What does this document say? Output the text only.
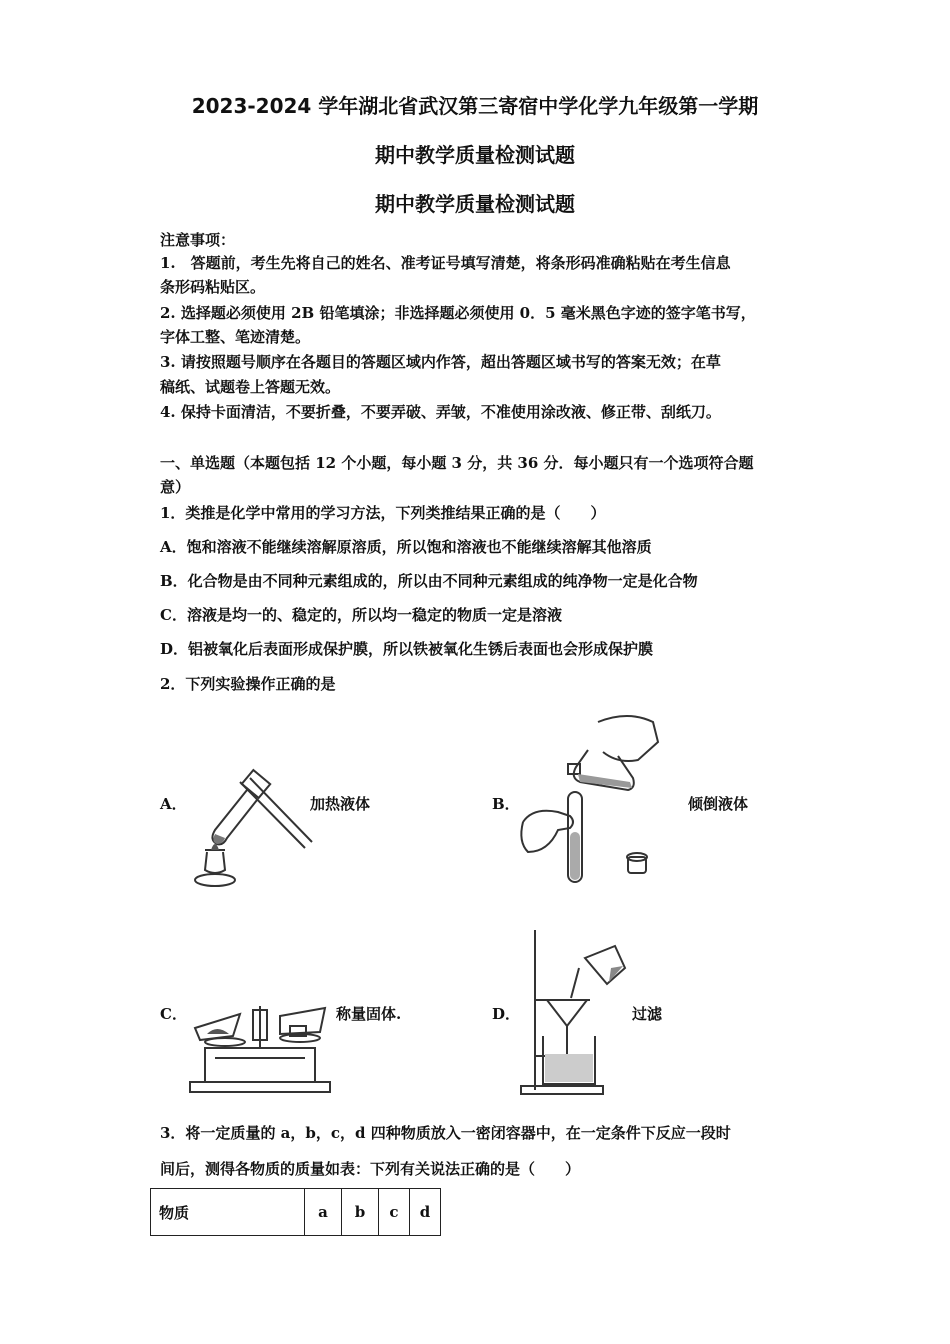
2023-2024 学年湖北省武汉第三寄宿中学化学九年级第一学期
期中教学质量检测试题
期中教学质量检测试题
注意事项：
1.　答题前，考生先将自己的姓名、准考证号填写清楚，将条形码准确粘贴在考生信息
条形码粘贴区。
2. 选择题必须使用 2B 铅笔填涂；非选择题必须使用 0．5 毫米黑色字迹的签字笔书写，
字体工整、笔迹清楚。
3. 请按照题号顺序在各题目的答题区域内作答，超出答题区域书写的答案无效；在草
稿纸、试题卷上答题无效。
4. 保持卡面清洁，不要折叠，不要弄破、弄皱，不准使用涂改液、修正带、刮纸刀。
一、单选题（本题包括 12 个小题，每小题 3 分，共 36 分．每小题只有一个选项符合题
意）
1．类推是化学中常用的学习方法，下列类推结果正确的是（　　）
A．饱和溶液不能继续溶解原溶质，所以饱和溶液也不能继续溶解其他溶质
B．化合物是由不同种元素组成的，所以由不同种元素组成的纯净物一定是化合物
C．溶液是均一的、稳定的，所以均一稳定的物质一定是溶液
D．铝被氧化后表面形成保护膜，所以铁被氧化生锈后表面也会形成保护膜
2．下列实验操作正确的是
A．	加热液体	B．	倾倒液体
C．	称量固体.	D．	过滤
3．将一定质量的 a，b，c，d 四种物质放入一密闭容器中，在一定条件下反应一段时
间后，测得各物质的质量如表：下列有关说法正确的是（　　）
物质	a	b	c	d
